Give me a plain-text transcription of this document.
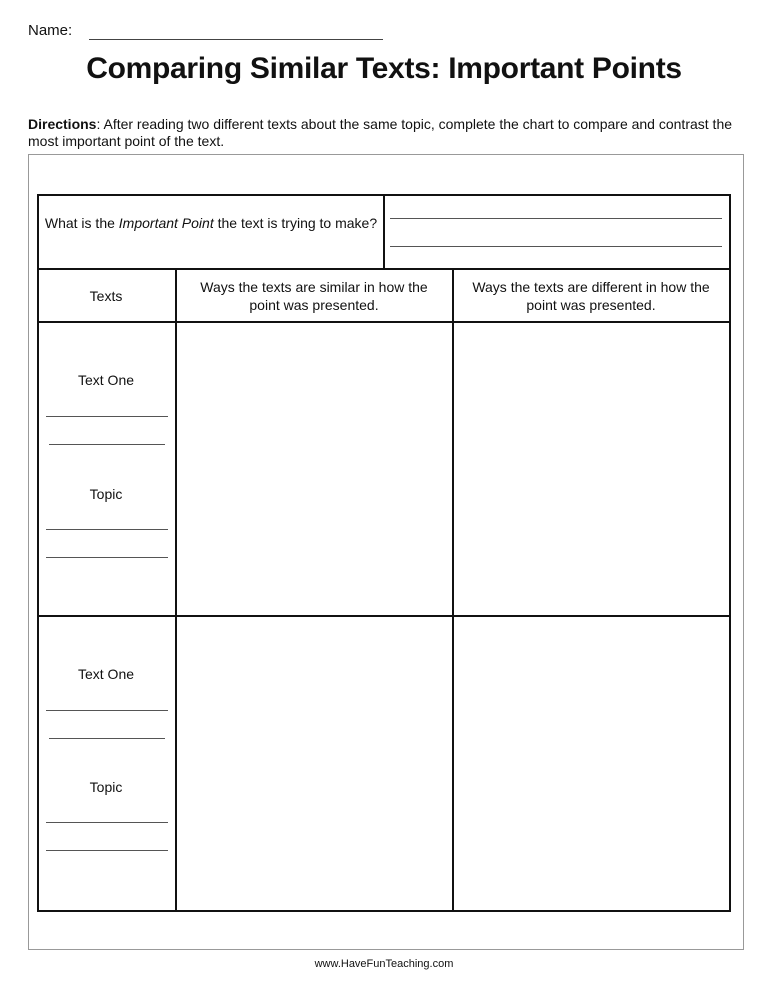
Name:
Comparing Similar Texts: Important Points
Directions: After reading two different texts about the same topic, complete the chart to compare and contrast the most important point of the text.
What is the Important Point the text is trying to make?
Texts
Ways the texts are similar in how the point was presented.
Ways the texts are different in how the point was presented.
Text One
Topic
Text One
Topic
www.HaveFunTeaching.com
